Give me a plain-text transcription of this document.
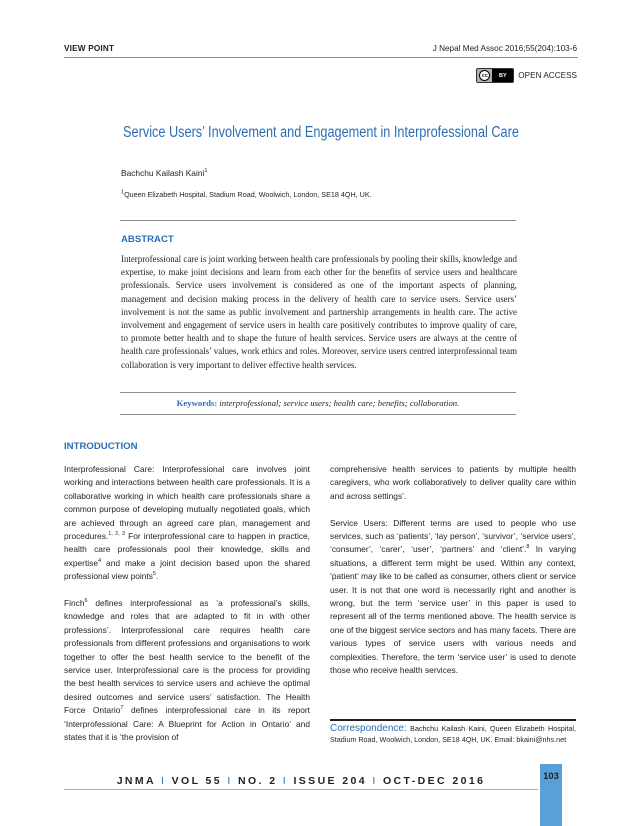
VIEW POINT	J Nepal Med Assoc 2016;55(204):103-6
cc	BY	OPEN ACCESS
Service Users’ Involvement and Engagement in Interprofessional Care
Bachchu Kailash Kaini$^1$
$^1$Queen Elizabeth Hospital, Stadium Road, Woolwich, London, SE18 4QH, UK.
ABSTRACT
Interprofessional care is joint working between health care professionals by pooling their skills, knowledge and expertise, to make joint decisions and learn from each other for the benefits of service users and healthcare professionals. Service users involvement is considered as one of the important aspects of planning, management and decision making process in the delivery of health care to service users. Service users’ involvement is not the same as public involvement and partnership arrangements in health care. The active involvement and engagement of service users in health care positively contributes to improve quality of care, to promote better health and to shape the future of health services. Service users are always at the centre of health care professionals’ values, work ethics and roles. Moreover, service users centred interprofessional team collaboration is very important to deliver effective health services.
Keywords: interprofessional; service users; health care; benefits; collaboration.
INTRODUCTION

Interprofessional Care: Interprofessional care involves joint working and interactions between health care professionals. It is a collaborative working in which health care professionals share a common purpose of developing mutually negotiated goals, which are achieved through an agreed care plan, management and procedures.$^{1, 2, 3}$ For interprofessional care to happen in practice, health care professionals pool their knowledge, skills and expertise$^4$ and make a joint decision based upon the shared professional view points$^5$.

Finch$^6$ defines interprofessional as ‘a professional’s skills, knowledge and roles that are adapted to fit in with other professions’. Interprofessional care requires health care professionals from different professions and organisations to work together to offer the best health service to the benefit of the service user. Interprofessional care is the process for providing the best health services to service users and achieve the optimal desired outcomes and service users’ satisfaction. The Health Force Ontario$^7$ defines interprofessional care in its report ‘Interprofessional Care: A Blueprint for Action in Ontario’ and states that it is ‘the provision of

comprehensive health services to patients by multiple health caregivers, who work collaboratively to deliver quality care within and across settings’.

Service Users: Different terms are used to people who use services, such as ‘patients’, ‘lay person’, ‘survivor’, ‘service users’, ‘consumer’, ‘carer’, ‘user’, ‘partners’ and ‘client’.$^8$ In varying situations, a different term might be used. Within any context, ‘patient’ may like to be called as consumer, others client or service user. It is not that one word is necessarily right and another is wrong, but the term ‘service user’ in this paper is used to represent all of the terms mentioned above. The health service is one of the biggest service sectors and has many facets. There are various types of service users with various needs and complexities. Therefore, the term ‘service user’ is used to denote those who receive health services.

Correspondence: Bachchu Kailash Kaini, Queen Elizabeth Hospital, Stadium Road, Woolwich, London, SE18 4QH, UK. Email: bkaini@nhs.net
JNMA I VOL 55 I NO. 2 I ISSUE 204 I OCT-DEC 2016	103
